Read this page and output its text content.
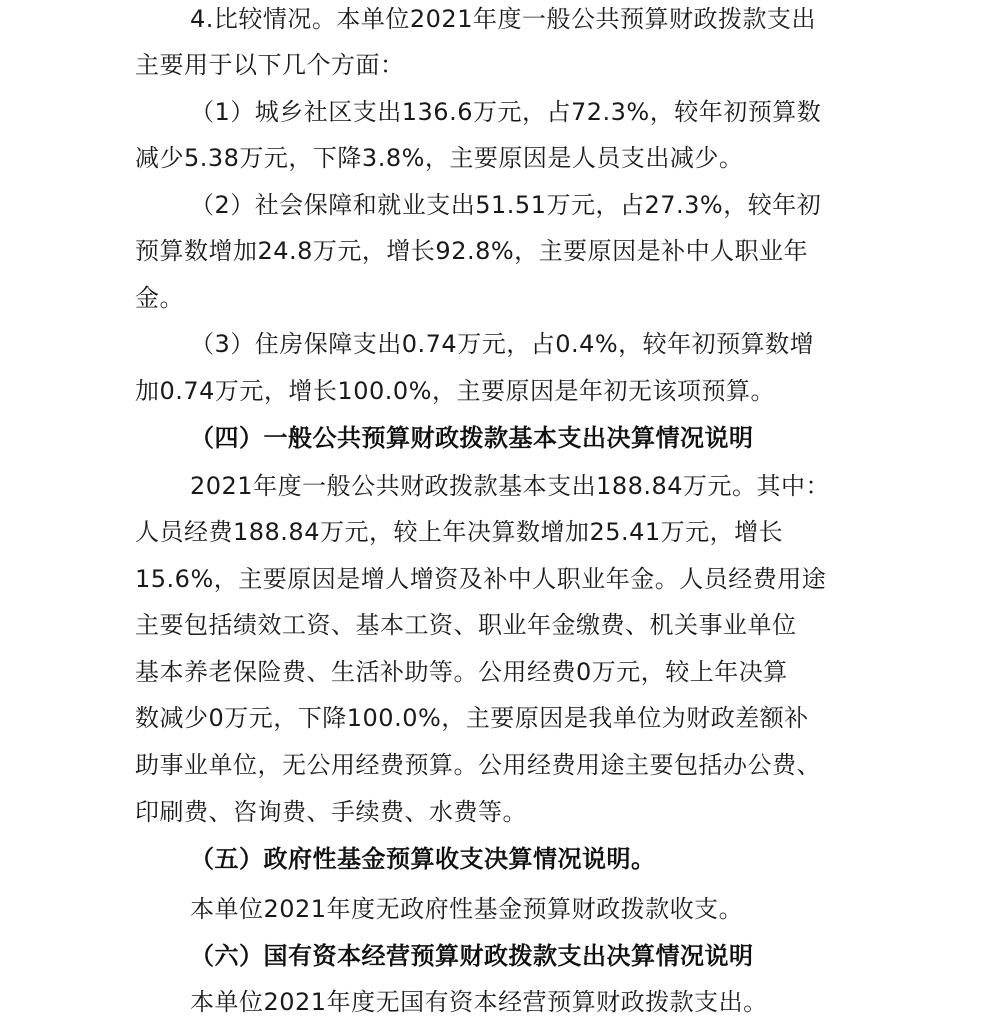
4.比较情况。本单位2021年度一般公共预算财政拨款支出
主要用于以下几个方面：
（1）城乡社区支出136.6万元，占72.3%，较年初预算数
减少5.38万元，下降3.8%，主要原因是人员支出减少。
（2）社会保障和就业支出51.51万元，占27.3%，较年初
预算数增加24.8万元，增长92.8%，主要原因是补中人职业年
金。
（3）住房保障支出0.74万元，占0.4%，较年初预算数增
加0.74万元，增长100.0%，主要原因是年初无该项预算。
（四）一般公共预算财政拨款基本支出决算情况说明
2021年度一般公共财政拨款基本支出188.84万元。其中：
人员经费188.84万元，较上年决算数增加25.41万元，增长
15.6%，主要原因是增人增资及补中人职业年金。人员经费用途
主要包括绩效工资、基本工资、职业年金缴费、机关事业单位
基本养老保险费、生活补助等。公用经费0万元，较上年决算
数减少0万元，下降100.0%，主要原因是我单位为财政差额补
助事业单位，无公用经费预算。公用经费用途主要包括办公费、
印刷费、咨询费、手续费、水费等。
（五）政府性基金预算收支决算情况说明。
本单位2021年度无政府性基金预算财政拨款收支。
（六）国有资本经营预算财政拨款支出决算情况说明
本单位2021年度无国有资本经营预算财政拨款支出。
